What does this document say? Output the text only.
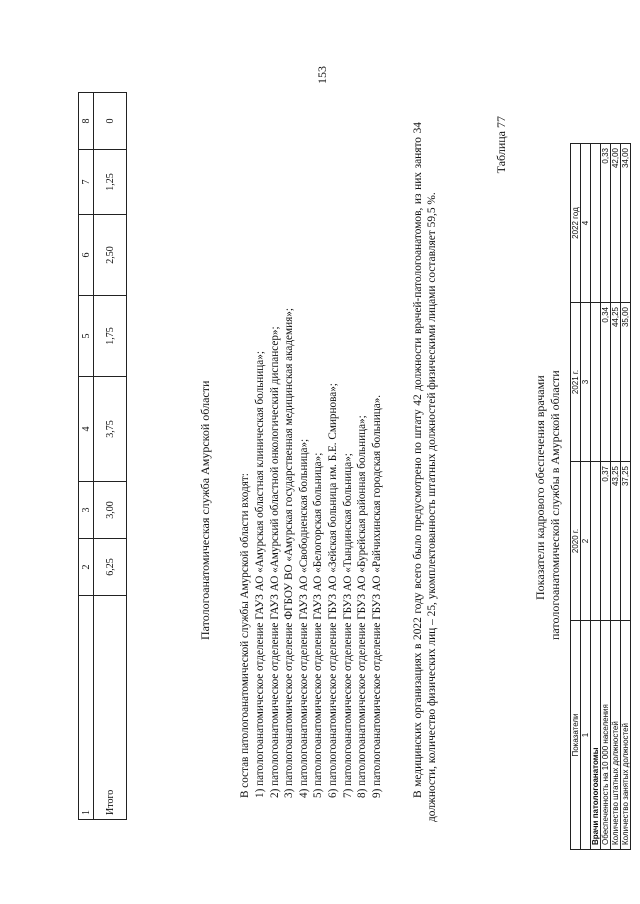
153
1	2	3	4	5	6	7	8
Итого	6,25	3,00	3,75	1,75	2,50	1,25	0
Патологоанатомическая служба Амурской области В состав патологоанатомической службы Амурской области входят: 1) патологоанатомическое отделение ГАУЗ АО «Амурская областная клиническая больница»; 2) патологоанатомическое отделение ГАУЗ АО «Амурский областной онкологический диспансер»; 3) патологоанатомическое отделение ФГБОУ ВО «Амурская государственная медицинская академия»; 4) патологоанатомическое отделение ГАУЗ АО «Свободненская больница»; 5) патологоанатомическое отделение ГАУЗ АО «Белогорская больница»; 6) патологоанатомическое отделение ГБУЗ АО «Зейская больница им. Б.Е. Смирнова»; 7) патологоанатомическое отделение ГБУЗ АО «Тындинская больница»; 8) патологоанатомическое отделение ГБУЗ АО «Бурейская районная больница»; 9) патологоанатомическое отделение ГБУЗ АО «Райчихинская городская больница».	В медицинских организациях в 2022 году всего было предусмотрено по штату 42 должности врачей-патологоанатомов, из них занято 34 должности, количество физических лиц – 25, укомплектованность штатных должностей физическими лицами составляет 59,5 %.
Таблица 77
Показатели кадрового обеспечения врачами патологоанатомической службы в Амурской области
Показатели	2020 г.	2021 г.	2022 год
1	2	3	4
Врачи патологоанатомы			
Обеспеченность на 10 000 населения	0,37	0,34	0,33
Количество штатных должностей	43,25	44,25	42,00
Количество занятых должностей	37,25	35,00	34,00
